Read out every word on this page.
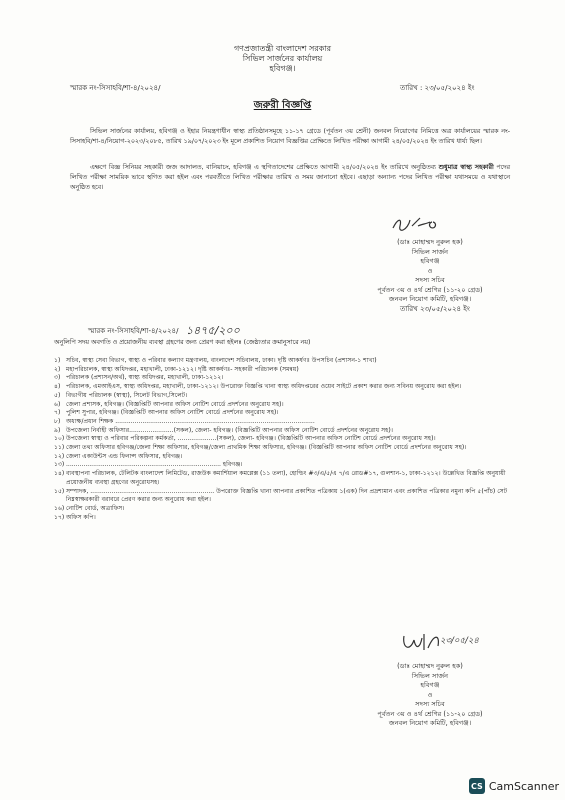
গণপ্রজাতন্ত্রী বাংলাদেশ সরকার
সিভিল সার্জনের কার্যালয়
হবিগঞ্জ।
স্মারক নং-সিসাহবি/শা-৪/২০২৪/	তারিখ : ২৩/০৫/২০২৪ ইং
জরুরী বিজ্ঞপ্তি
সিভিল সার্জনের কার্যালয়, হবিগঞ্জ ও ইহার নিয়ন্ত্রণাধীন স্বাস্থ্য প্রতিষ্ঠানসমূহে ১১-১৭ গ্রেডে (পূর্বতন ৩য় শ্রেনী) জনবল নিয়োগের নিমিত্তে অত্র কার্যালয়ের স্মারক নং-সিসাহবি/শা-৪/নিয়োগ-২০২৩/২০৮৫, তারিখ ১৯/০৭/২০২৩ ইং মূলে প্রকাশিত নিয়োগ বিজ্ঞপ্তির প্রেক্ষিতে লিখিত পরীক্ষা আগামী ২৪/০৫/২০২৪ ইং তারিখ ধার্য্য ছিল।
এক্ষণে বিজ্ঞ সিনিয়র সহকারী জজ আদালত, বানিয়াচং, হবিগঞ্জ এ স্থগিতাদেশের প্রেক্ষিতে আগামী ২৪/০৫/২০২৪ ইং তারিখে অনুষ্ঠিতব্য শুধুমাত্র স্বাস্থ্য সহকারী পদের লিখিত পরীক্ষা সাময়িক ভাবে স্থগিত করা হইল এবং পরবর্তীতে লিখিত পরীক্ষার তারিখ ও সময় জানানো হইবে। এছাড়া অন্যান্য পদের লিখিত পরীক্ষা যথাসময়ে ও যথাস্থানে অনুষ্ঠিত হবে।
(ডাঃ মোহাম্মদ নুরুল হক)
সিভিল সার্জন
হবিগঞ্জ
ও
সদস্য সচিব
পূর্বতন ৩য় ও ৪র্থ শ্রেণির (১১-২০ গ্রেড)
জনবল নিয়োগ কমিটি, হবিগঞ্জ।
তারিখ ২৩/০৫/২০২৪ ইং
স্মারক নং-সিসাহবি/শা-৪/২০২৪/ ১৪৭৫/২০০
অনুলিপি সদয় অবগতি ও প্রয়োজনীয় ব্যবস্থা গ্রহণের জন্য প্রেরণ করা হইলঃ (জেষ্ঠ্যতার ক্রমানুসারে নয়)
১) সচিব, স্বাস্থ্য সেবা বিভাগ, স্বাস্থ্য ও পরিবার কল্যাণ মন্ত্রণালয়, বাংলাদেশ সচিবালয়, ঢাকা। দৃষ্টি আকর্ষণঃ উপসচিব (প্রশাসন-১ শাখা)
২) মহাপরিচালক, স্বাস্থ্য অধিদপ্তর, মহাখালী, ঢাকা-১২১২। দৃষ্টি আকর্ষণঃ- সহকারী পরিচালক (সমন্বয়)
৩) পরিচালক (প্রশাসন/অর্থ), স্বাস্থ্য অধিদপ্তর, মহাখালী, ঢাকা-১২১২।
৪) পরিচালক, এমআইএস, স্বাস্থ্য অধিদপ্তর, মহাখালী, ঢাকা-১২১২। উপরোক্ত বিজ্ঞপ্তি খানা স্বাস্থ্য অধিদপ্তরের ওয়েব সাইটে প্রকাশ করার জন্য সবিনয় অনুরোধ করা হইল।
৫) বিভাগীয় পরিচালক (স্বাস্থ্য), সিলেট বিভাগ,সিলেট।
৬) জেলা প্রশাসক, হবিগঞ্জ। (বিজ্ঞপ্তিটি আপনার অফিস নোটিশ বোর্ডে প্রদর্শনের অনুরোধ সহ)।
৭) পুলিশ সুপার, হবিগঞ্জ। (বিজ্ঞপ্তিটি আপনার অফিস নোটিশ বোর্ডে প্রদর্শনের অনুরোধ সহ)।
৮) অধ্যক্ষ/প্রধান শিক্ষক .......................................................................................................
৯) উপজেলা নির্বাহী অফিসার.......................(সকল), জেলা- হবিগঞ্জ। (বিজ্ঞপ্তিটি আপনার অফিস নোটিশ বোর্ডে প্রদর্শনের অনুরোধ সহ)।
১০) উপজেলা স্বাস্থ্য ও পরিবার পরিকল্পনা কর্মকর্তা, ....................(সকল), জেলা- হবিগঞ্জ। (বিজ্ঞপ্তিটি আপনার অফিস নোটিশ বোর্ডে প্রদর্শনের অনুরোধ সহ)।
১১) জেলা তথ্য অফিসার হবিগঞ্জ/জেলা শিক্ষা অফিসার, হবিগঞ্জ/জেলা প্রাথমিক শিক্ষা অফিসার, হবিগঞ্জ। (বিজ্ঞপ্তিটি আপনার অফিস নোটিশ বোর্ডে প্রদর্শনের অনুরোধ সহ)।
১২) জেলা একাউন্টস এন্ড ফিনান্স অফিসার, হবিগঞ্জ।
১৩) ................................................................................ হবিগঞ্জ।
১৪) ব্যবস্থাপনা পরিচালক, টেলিটক বাংলাদেশ লিমিটেড, রাজউক কমার্শিয়াল কমপ্লেক্স (১১ তলা), হোল্ডিং #৩/এ/৫/এ ৭/এ রোড#১৭, গুলশান-১, ঢাকা-১২১২। উল্লেখিত বিজ্ঞপ্তি অনুযায়ী প্রয়োজনীয় ব্যবস্থা গ্রহণের অনুরোধসহ।
১৫) সম্পাদক, ................................................................ উপরোক্ত বিজ্ঞপ্তি খানা আপনার প্রকাশিত পত্রিকায় ১(এক) দিন প্রদ্রশ্যমান এবং প্রকাশিত পত্রিকার নমুনা কপি ৫(পাঁচ) সেট নিম্নস্বাক্ষরকারী বরাবরে প্রেরণ করার জন্য অনুরোধ করা হইল।
১৬) নোটিশ বোর্ড, অত্রাফিস।
১৭) অফিস কপি।
২৩/০৫/২৪
(ডাঃ মোহাম্মদ নুরুল হক)
সিভিল সার্জন
হবিগঞ্জ
ও
সদস্য সচিব
পূর্বতন ৩য় ও ৪র্থ শ্রেণির (১১-২০ গ্রেড)
জনবল নিয়োগ কমিটি, হবিগঞ্জ।
CS CamScanner
